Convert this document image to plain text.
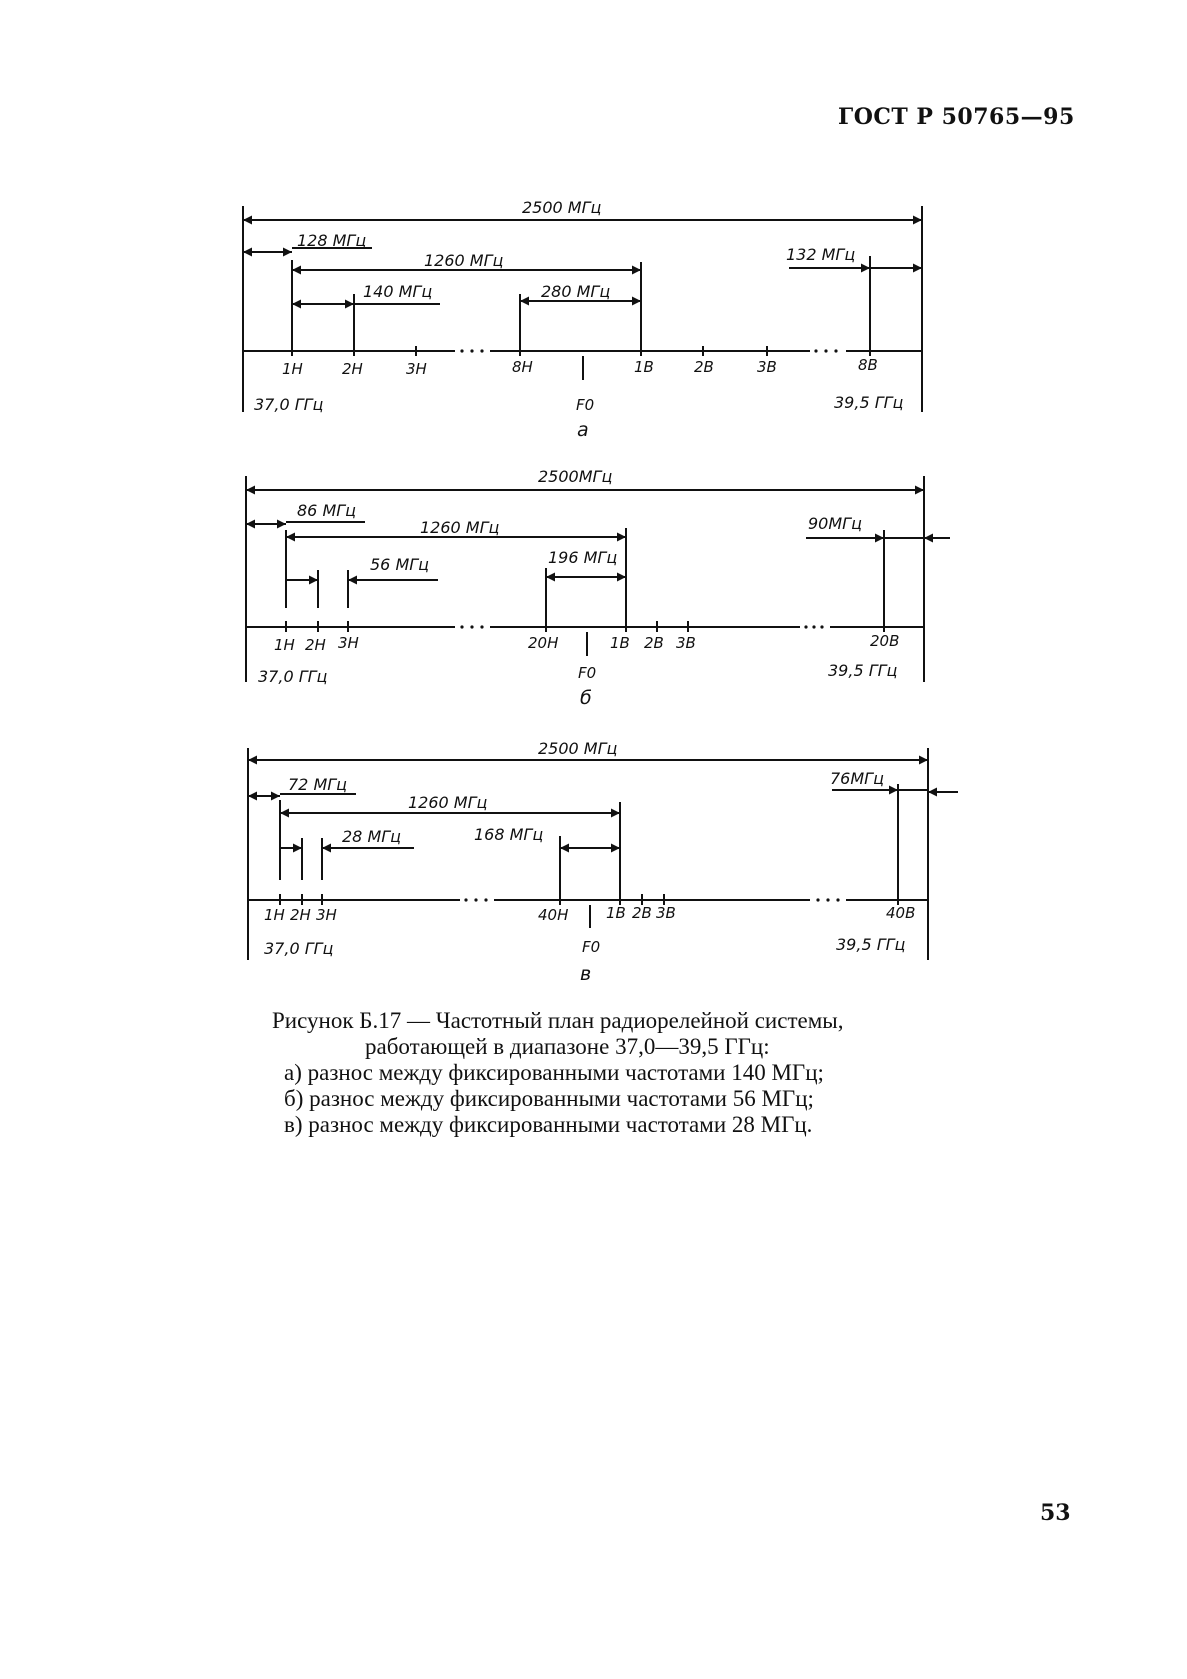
ГОСТ Р 50765—95
2500 МГц
128 МГц
1260 МГц
140 МГц	280 МГц
132 МГц
1Н	2Н	3Н	8Н	1В	2В	3В	8В
F0
37,0 ГГц	39,5 ГГц
а
2500МГц
86 МГц
1260 МГц
56 МГц	196 МГц
90МГц
1Н 2Н 3Н	20Н	1В 2В 3В	20В
F0
37,0 ГГц	39,5 ГГц
б
2500 МГц
72 МГц
1260 МГц
28 МГц	168 МГц
76МГц
1Н 2Н 3Н	40Н	1В 2В 3В	40В
F0
37,0 ГГц	39,5 ГГц
в
Рисунок Б.17 — Частотный план радиорелейной системы,
работающей в диапазоне 37,0—39,5 ГГц:
а) разнос между фиксированными частотами 140 МГц;
б) разнос между фиксированными частотами 56 МГц;
в) разнос между фиксированными частотами 28 МГц.
53
